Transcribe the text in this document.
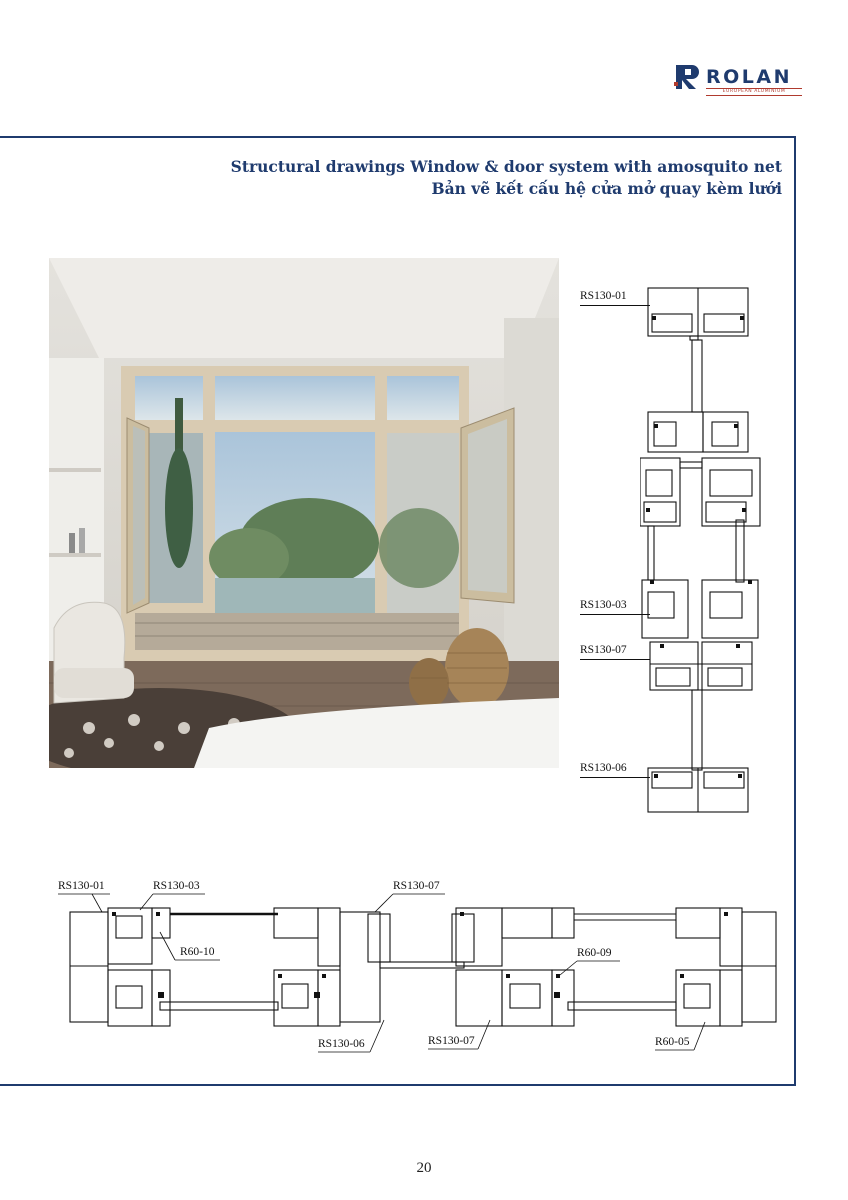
ROLAN
EUROPEAN ALUMINIUM
Structural drawings Window & door system with amosquito net
Bản vẽ kết cấu hệ cửa mở quay kèm lưới
RS130-01
RS130-03
RS130-07
RS130-06
RS130-01	RS130-03	RS130-07
R60-10	R60-09
RS130-06	RS130-07	R60-05
20
